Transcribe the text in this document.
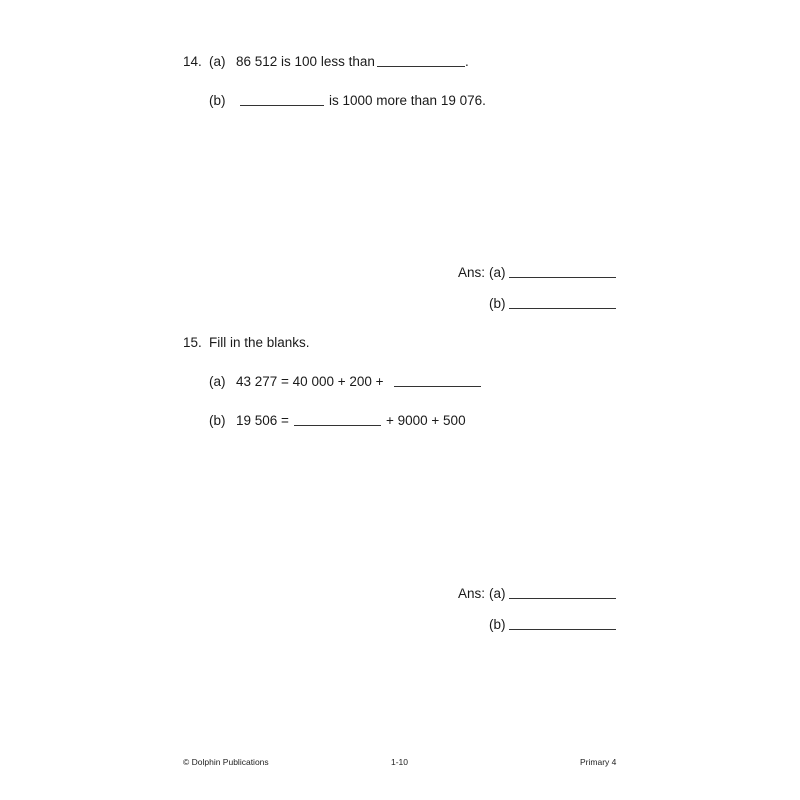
14. (a) 86 512 is 100 less than	.
(b)	is 1000 more than 19 076.
Ans: (a)
(b)
15. Fill in the blanks.
(a) 43 277 = 40 000 + 200 +
(b) 19 506 =	+ 9000 + 500
Ans: (a)
(b)
© Dolphin Publications	1-10	Primary 4
